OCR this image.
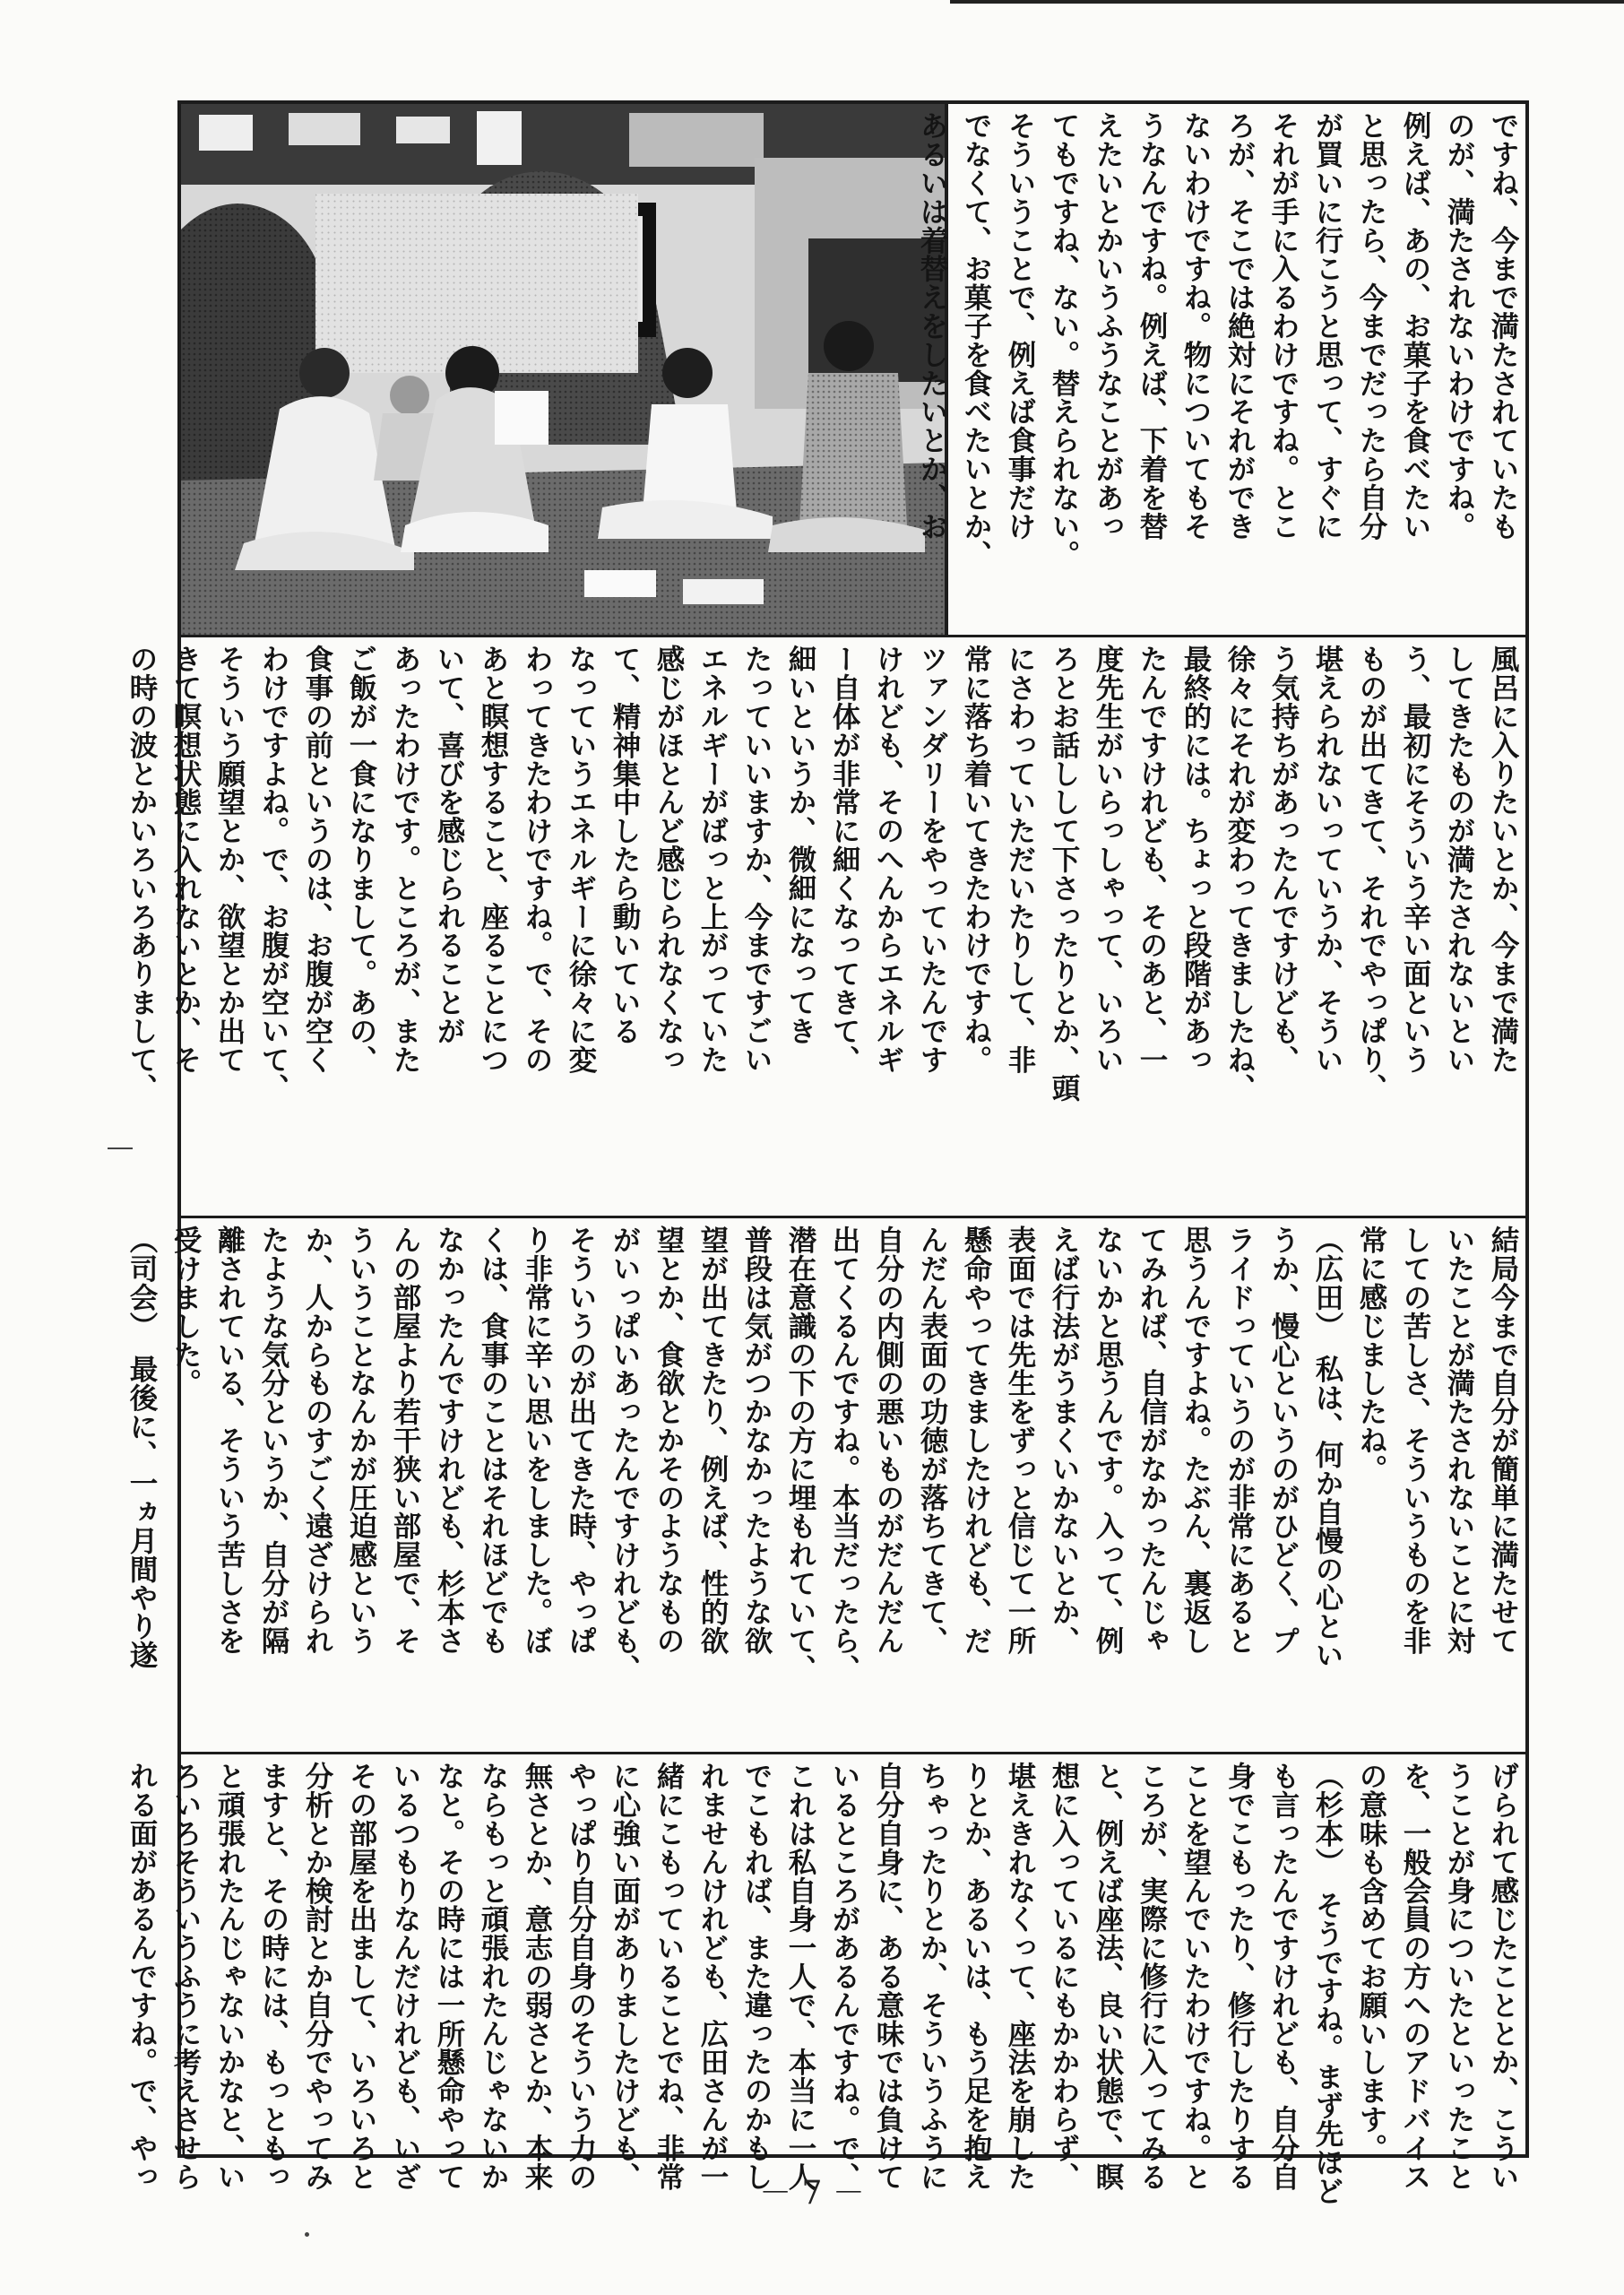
ですね、今まで満たされていたも
のが、満たされないわけですね。
例えば、あの、お菓子を食べたい
と思ったら、今までだったら自分
が買いに行こうと思って、すぐに
それが手に入るわけですね。とこ
ろが、そこでは絶対にそれができ
ないわけですね。物についてもそ
うなんですね。例えば、下着を替
えたいとかいうふうなことがあっ
てもですね、ない。替えられない。
そういうことで、例えば食事だけ
でなくて、お菓子を食べたいとか、
あるいは着替えをしたいとか、お
風呂に入りたいとか、今まで満た
してきたものが満たされないとい
う、最初にそういう辛い面という
ものが出てきて、それでやっぱり、
堪えられないっていうか、そうい
う気持ちがあったんですけども、
徐々にそれが変わってきましたね、
最終的には。ちょっと段階があっ
たんですけれども、そのあと、一
度先生がいらっしゃって、いろい
ろとお話しして下さったりとか、頭
にさわっていただいたりして、非
常に落ち着いてきたわけですね。
ツァンダリーをやっていたんです
けれども、そのへんからエネルギ
ー自体が非常に細くなってきて、
細いというか、微細になってき
たっていいますか、今まですごい
エネルギーがばっと上がっていた
感じがほとんど感じられなくなっ
て、精神集中したら動いている
なっていうエネルギーに徐々に変
わってきたわけですね。で、その
あと瞑想すること、座ることにつ
いて、喜びを感じられることが
あったわけです。ところが、また
ご飯が一食になりまして。あの、
食事の前というのは、お腹が空く
わけですよね。で、お腹が空いて、
そういう願望とか、欲望とか出て
きて瞑想状態に入れないとか、そ
の時の波とかいろいろありまして、
結局今まで自分が簡単に満たせて
いたことが満たされないことに対
しての苦しさ、そういうものを非
常に感じましたね。
（広田）　私は、何か自慢の心とい
うか、慢心というのがひどく、プ
ライドっていうのが非常にあると
思うんですよね。たぶん、裏返し
てみれば、自信がなかったんじゃ
ないかと思うんです。入って、例
えば行法がうまくいかないとか、
表面では先生をずっと信じて一所
懸命やってきましたけれども、だ
んだん表面の功徳が落ちてきて、
自分の内側の悪いものがだんだん
出てくるんですね。本当だったら、
潜在意識の下の方に埋もれていて、
普段は気がつかなかったような欲
望が出てきたり、例えば、性的欲
望とか、食欲とかそのようなもの
がいっぱいあったんですけれども、
そういうのが出てきた時、やっぱ
り非常に辛い思いをしました。ぼ
くは、食事のことはそれほどでも
なかったんですけれども、杉本さ
んの部屋より若干狭い部屋で、そ
ういうことなんかが圧迫感という
か、人からものすごく遠ざけられ
たような気分というか、自分が隔
離されている、そういう苦しさを
受けました。
（司会）　最後に、一ヵ月間やり遂
げられて感じたこととか、こうい
うことが身についたといったこと
を、一般会員の方へのアドバイス
の意味も含めてお願いします。
（杉本）　そうですね。まず先ほど
も言ったんですけれども、自分自
身でこもったり、修行したりする
ことを望んでいたわけですね。と
ころが、実際に修行に入ってみる
と、例えば座法、良い状態で、瞑
想に入っているにもかかわらず、
堪えきれなくって、座法を崩した
りとか、あるいは、もう足を抱え
ちゃったりとか、そういうふうに
自分自身に、ある意味では負けて
いるところがあるんですね。で、
これは私自身一人で、本当に一人
でこもれば、また違ったのかもし
れませんけれども、広田さんが一
緒にこもっていることでね、非常
に心強い面がありましたけども、
やっぱり自分自身のそういう力の
無さとか、意志の弱さとか、本来
ならもっと頑張れたんじゃないか
なと。その時には一所懸命やって
いるつもりなんだけれども、いざ
その部屋を出まして、いろいろと
分析とか検討とか自分でやってみ
ますと、その時には、もっともっ
と頑張れたんじゃないかなと、い
ろいろそういうふうに考えさせら
れる面があるんですね。で、やっ
－ 7 －
